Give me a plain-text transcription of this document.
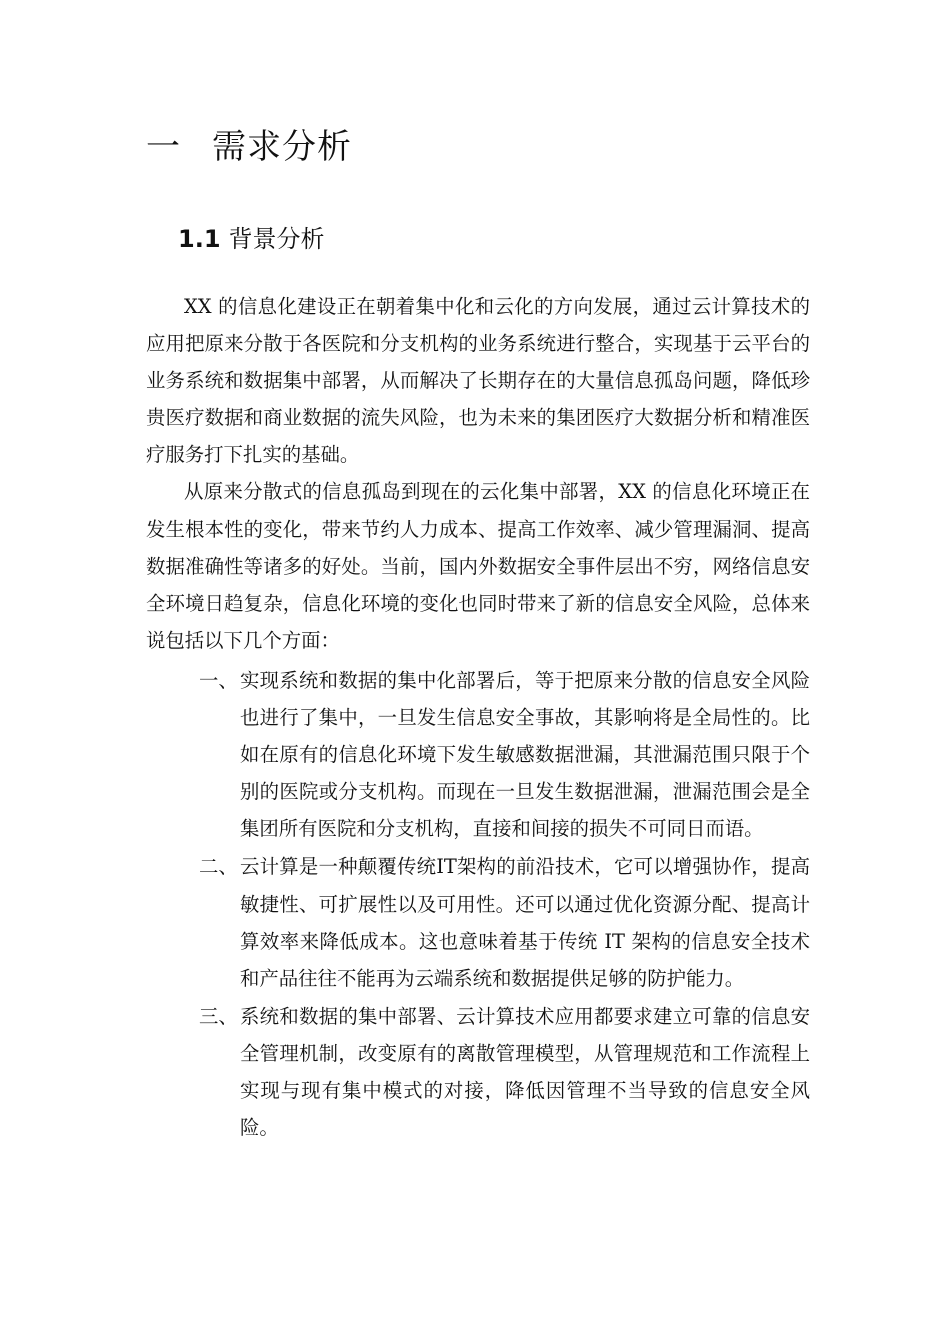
一 需求分析
1.1 背景分析

XX 的信息化建设正在朝着集中化和云化的方向发展，通过云计算技术的应用把原来分散于各医院和分支机构的业务系统进行整合，实现基于云平台的业务系统和数据集中部署，从而解决了长期存在的大量信息孤岛问题，降低珍贵医疗数据和商业数据的流失风险，也为未来的集团医疗大数据分析和精准医疗服务打下扎实的基础。

从原来分散式的信息孤岛到现在的云化集中部署，XX 的信息化环境正在发生根本性的变化，带来节约人力成本、提高工作效率、减少管理漏洞、提高数据准确性等诸多的好处。当前，国内外数据安全事件层出不穷，网络信息安全环境日趋复杂，信息化环境的变化也同时带来了新的信息安全风险，总体来说包括以下几个方面：

一、 实现系统和数据的集中化部署后，等于把原来分散的信息安全风险也进行了集中，一旦发生信息安全事故，其影响将是全局性的。比如在原有的信息化环境下发生敏感数据泄漏，其泄漏范围只限于个别的医院或分支机构。而现在一旦发生数据泄漏，泄漏范围会是全集团所有医院和分支机构，直接和间接的损失不可同日而语。
二、 云计算是一种颠覆传统IT架构的前沿技术，它可以增强协作，提高敏捷性、可扩展性以及可用性。还可以通过优化资源分配、提高计算效率来降低成本。这也意味着基于传统 IT 架构的信息安全技术和产品往往不能再为云端系统和数据提供足够的防护能力。
三、 系统和数据的集中部署、云计算技术应用都要求建立可靠的信息安全管理机制，改变原有的离散管理模型，从管理规范和工作流程上实现与现有集中模式的对接，降低因管理不当导致的信息安全风险。
